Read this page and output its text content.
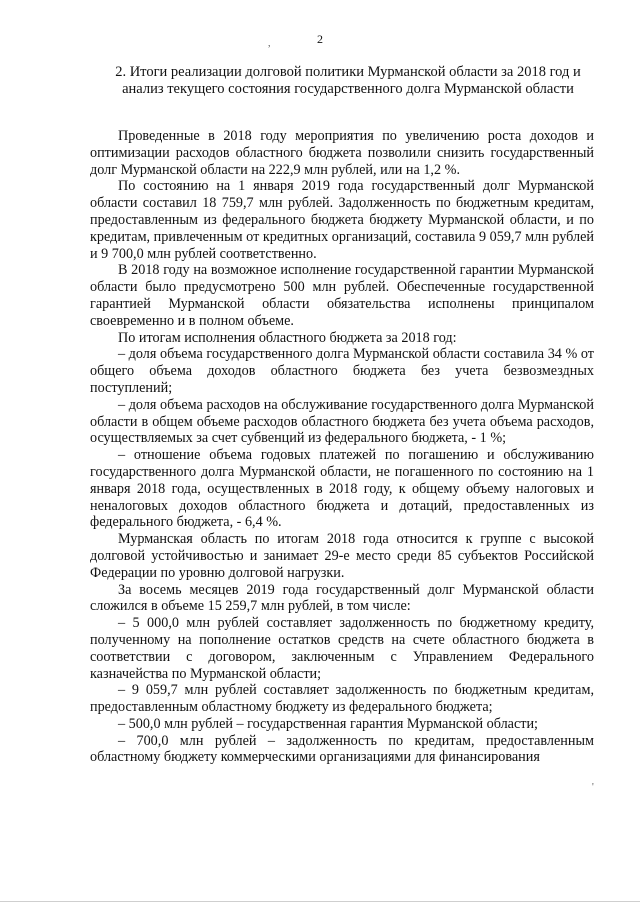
2
,
2. Итоги реализации долговой политики Мурманской области за 2018 год и анализ текущего состояния государственного долга Мурманской области

Проведенные в 2018 году мероприятия по увеличению роста доходов и оптимизации расходов областного бюджета позволили снизить государственный долг Мурманской области на 222,9 млн рублей, или на 1,2 %.

По состоянию на 1 января 2019 года государственный долг Мурманской области составил 18 759,7 млн рублей. Задолженность по бюджетным кредитам, предоставленным из федерального бюджета бюджету Мурманской области, и по кредитам, привлеченным от кредитных организаций, составила 9 059,7 млн рублей и 9 700,0 млн рублей соответственно.

В 2018 году на возможное исполнение государственной гарантии Мурманской области было предусмотрено 500 млн рублей. Обеспеченные государственной гарантией Мурманской области обязательства исполнены принципалом своевременно и в полном объеме.

По итогам исполнения областного бюджета за 2018 год:

– доля объема государственного долга Мурманской области составила 34 % от общего объема доходов областного бюджета без учета безвозмездных поступлений;

– доля объема расходов на обслуживание государственного долга Мурманской области в общем объеме расходов областного бюджета без учета объема расходов, осуществляемых за счет субвенций из федерального бюджета, - 1 %;

– отношение объема годовых платежей по погашению и обслуживанию государственного долга Мурманской области, не погашенного по состоянию на 1 января 2018 года, осуществленных в 2018 году, к общему объему налоговых и неналоговых доходов областного бюджета и дотаций, предоставленных из федерального бюджета, - 6,4 %.

Мурманская область по итогам 2018 года относится к группе с высокой долговой устойчивостью и занимает 29-е место среди 85 субъектов Российской Федерации по уровню долговой нагрузки.

За восемь месяцев 2019 года государственный долг Мурманской области сложился в объеме 15 259,7 млн рублей, в том числе:

– 5 000,0 млн рублей составляет задолженность по бюджетному кредиту, полученному на пополнение остатков средств на счете областного бюджета в соответствии с договором, заключенным с Управлением Федерального казначейства по Мурманской области;

– 9 059,7 млн рублей составляет задолженность по бюджетным кредитам, предоставленным областному бюджету из федерального бюджета;

– 500,0 млн рублей – государственная гарантия Мурманской области;

– 700,0 млн рублей – задолженность по кредитам, предоставленным областному бюджету коммерческими организациями для финансирования

'
